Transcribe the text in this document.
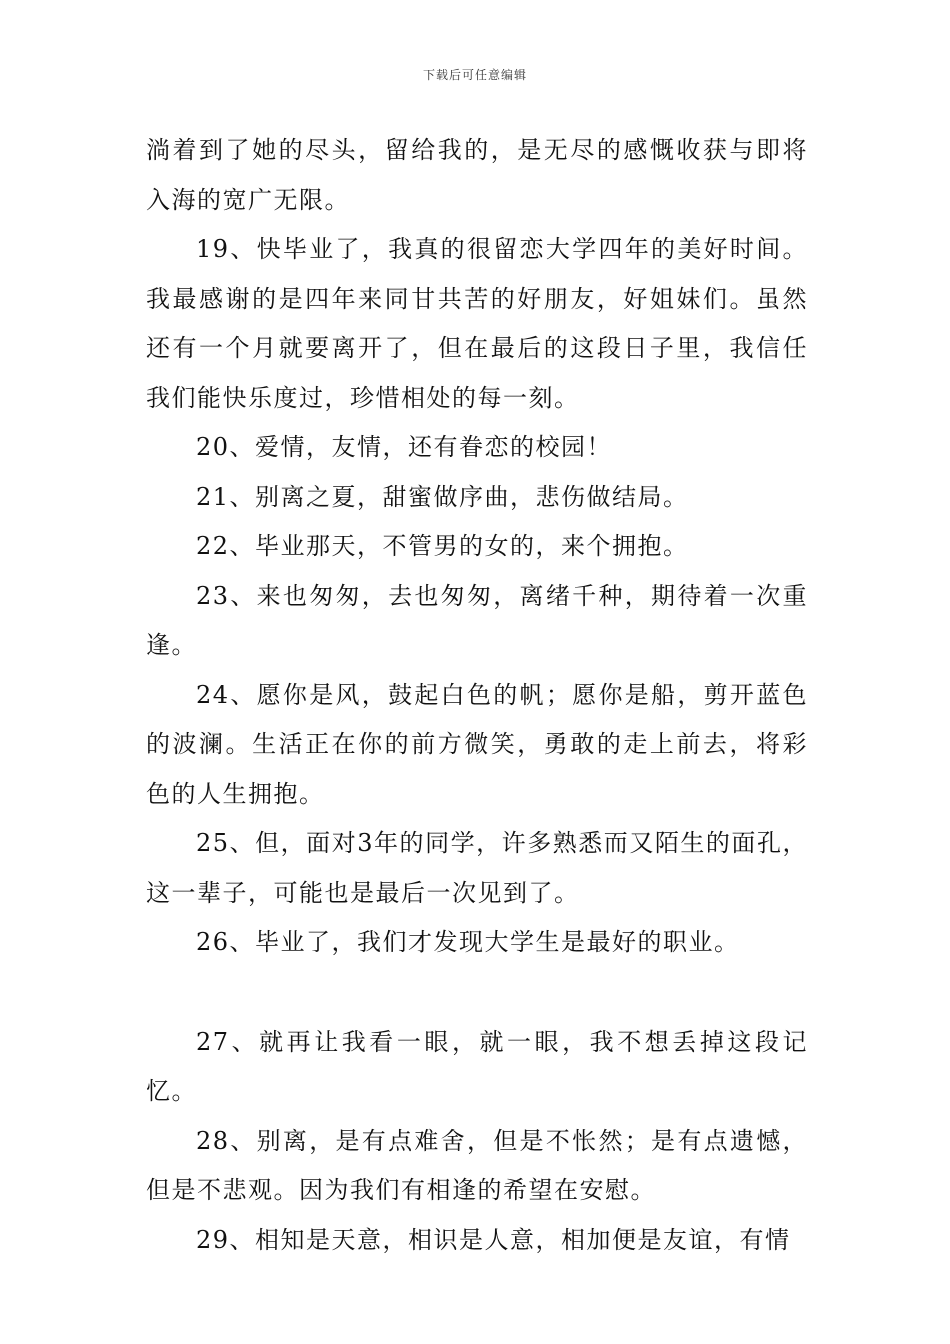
下载后可任意编辑

淌着到了她的尽头，留给我的，是无尽的感慨收获与即将入海的宽广无限。

19、快毕业了，我真的很留恋大学四年的美好时间。我最感谢的是四年来同甘共苦的好朋友，好姐妹们。虽然还有一个月就要离开了，但在最后的这段日子里，我信任我们能快乐度过，珍惜相处的每一刻。

20、爱情，友情，还有眷恋的校园！

21、别离之夏，甜蜜做序曲，悲伤做结局。

22、毕业那天，不管男的女的，来个拥抱。

23、来也匆匆，去也匆匆，离绪千种，期待着一次重逢。

24、愿你是风，鼓起白色的帆；愿你是船，剪开蓝色的波澜。生活正在你的前方微笑，勇敢的走上前去，将彩色的人生拥抱。

25、但，面对3年的同学，许多熟悉而又陌生的面孔，这一辈子，可能也是最后一次见到了。

26、毕业了，我们才发现大学生是最好的职业。

27、就再让我看一眼，就一眼，我不想丢掉这段记忆。

28、别离，是有点难舍，但是不怅然；是有点遗憾，但是不悲观。因为我们有相逢的希望在安慰。

29、相知是天意，相识是人意，相加便是友谊，有情
